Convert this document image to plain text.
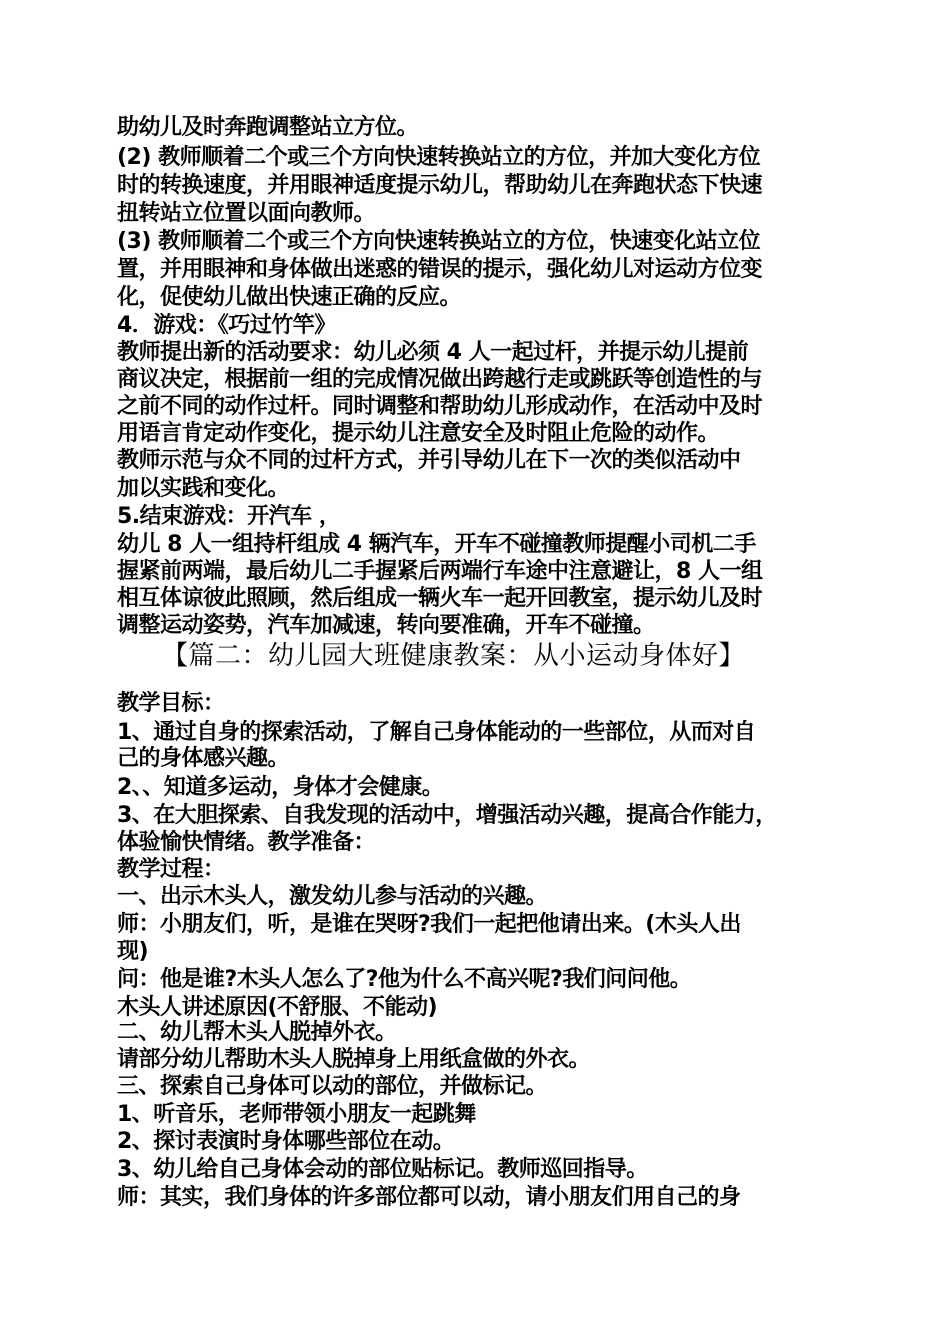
助幼儿及时奔跑调整站立方位。
(2) 教师顺着二个或三个方向快速转换站立的方位，并加大变化方位
时的转换速度，并用眼神适度提示幼儿，帮助幼儿在奔跑状态下快速
扭转站立位置以面向教师。
(3) 教师顺着二个或三个方向快速转换站立的方位，快速变化站立位
置，并用眼神和身体做出迷惑的错误的提示，强化幼儿对运动方位变
化，促使幼儿做出快速正确的反应。
4．游戏：《巧过竹竿》
教师提出新的活动要求：幼儿必须 4 人一起过杆，并提示幼儿提前
商议决定，根据前一组的完成情况做出跨越行走或跳跃等创造性的与
之前不同的动作过杆。同时调整和帮助幼儿形成动作，在活动中及时
用语言肯定动作变化，提示幼儿注意安全及时阻止危险的动作。
教师示范与众不同的过杆方式，并引导幼儿在下一次的类似活动中
加以实践和变化。
5.结束游戏：开汽车 ，
幼儿 8 人一组持杆组成 4 辆汽车，开车不碰撞教师提醒小司机二手
握紧前两端，最后幼儿二手握紧后两端行车途中注意避让，8 人一组
相互体谅彼此照顾，然后组成一辆火车一起开回教室，提示幼儿及时
调整运动姿势，汽车加减速，转向要准确，开车不碰撞。
【篇二：幼儿园大班健康教案：从小运动身体好】
教学目标：
1、通过自身的探索活动，了解自己身体能动的一些部位，从而对自
己的身体感兴趣。
2、、知道多运动，身体才会健康。
3、在大胆探索、自我发现的活动中，增强活动兴趣，提高合作能力，
体验愉快情绪。教学准备：
教学过程：
一、出示木头人，激发幼儿参与活动的兴趣。
师：小朋友们，听，是谁在哭呀?我们一起把他请出来。(木头人出
现)
问：他是谁?木头人怎么了?他为什么不高兴呢?我们问问他。
木头人讲述原因(不舒服、不能动)
二、幼儿帮木头人脱掉外衣。
请部分幼儿帮助木头人脱掉身上用纸盒做的外衣。
三、探索自己身体可以动的部位，并做标记。
1、听音乐，老师带领小朋友一起跳舞
2、探讨表演时身体哪些部位在动。
3、幼儿给自己身体会动的部位贴标记。教师巡回指导。
师：其实，我们身体的许多部位都可以动，请小朋友们用自己的身
